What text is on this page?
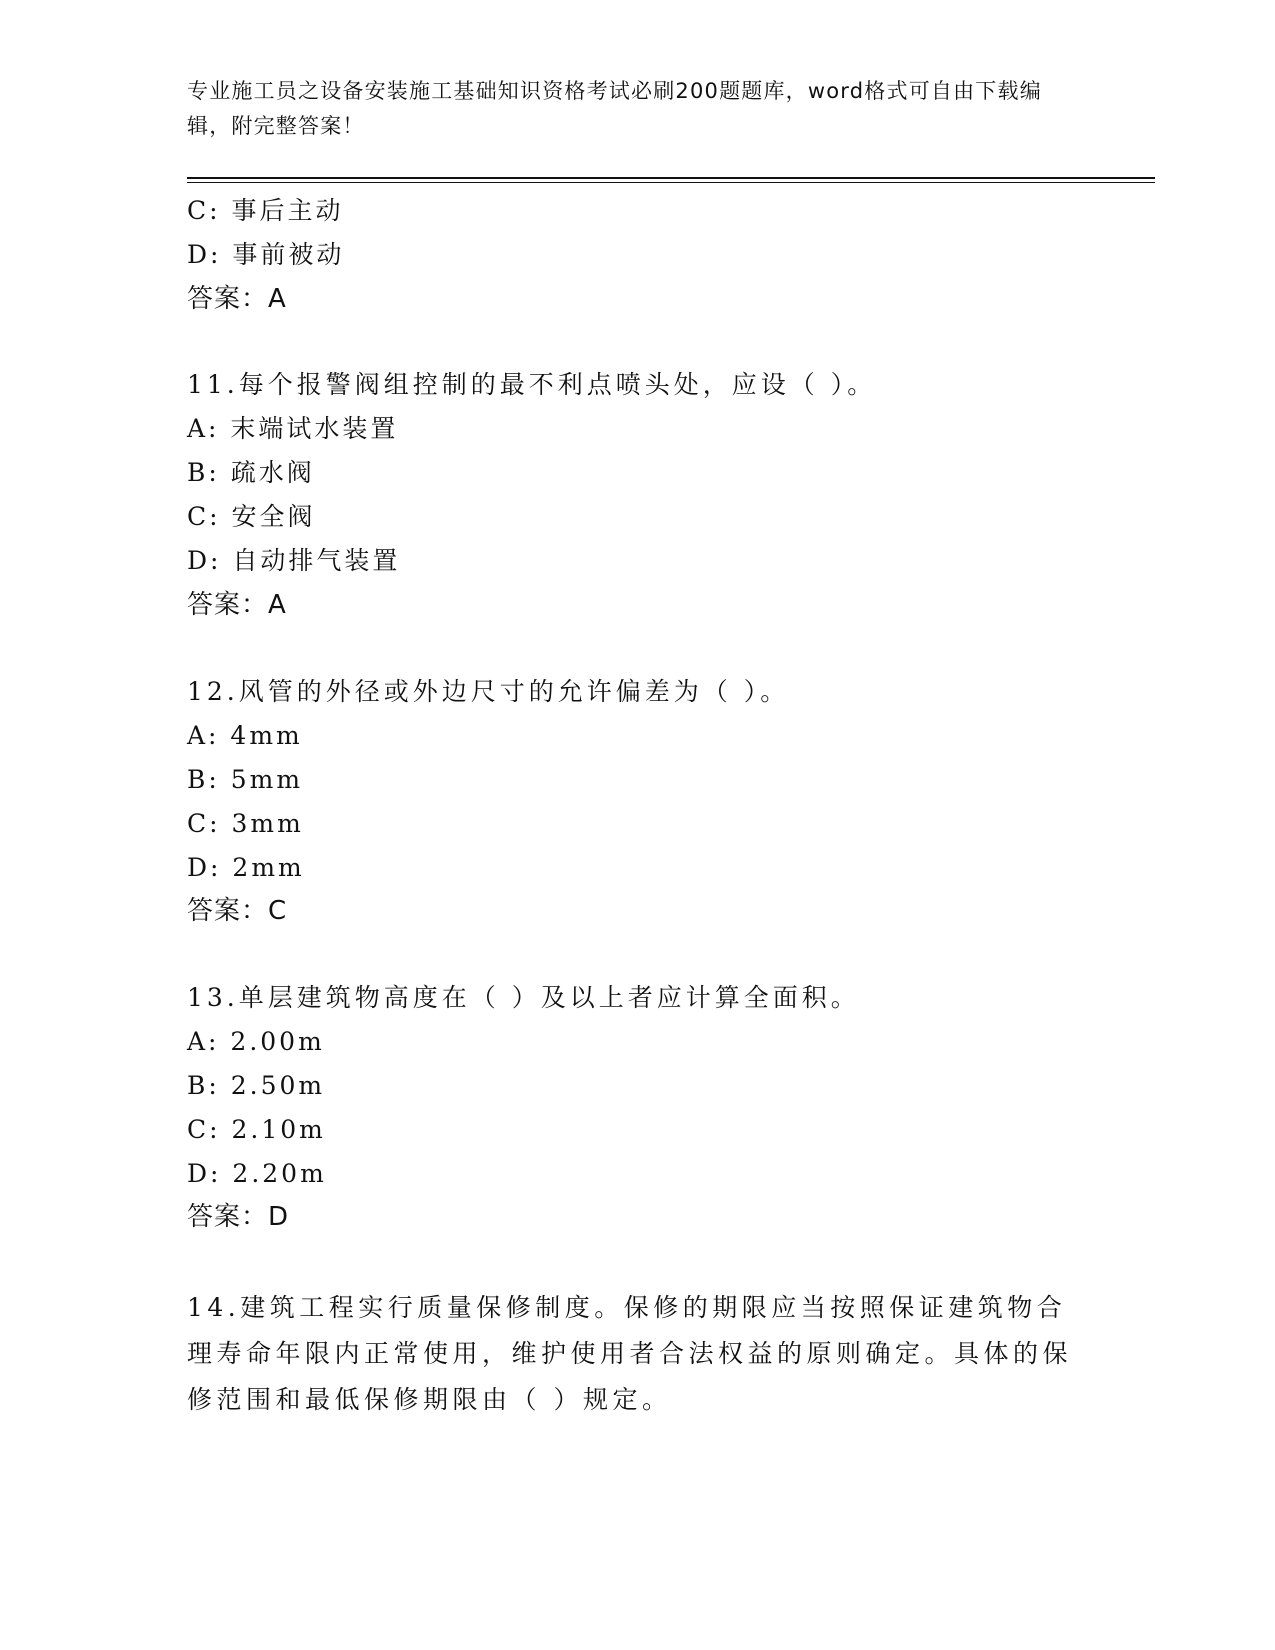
专业施工员之设备安装施工基础知识资格考试必刷200题题库，word格式可自由下载编辑，附完整答案！
C: 事后主动
D: 事前被动
答案：A
11.每个报警阀组控制的最不利点喷头处，应设（ ）。
A: 末端试水装置
B: 疏水阀
C: 安全阀
D: 自动排气装置
答案：A
12.风管的外径或外边尺寸的允许偏差为（ ）。
A: 4mm
B: 5mm
C: 3mm
D: 2mm
答案：C
13.单层建筑物高度在（ ）及以上者应计算全面积。
A: 2.00m
B: 2.50m
C: 2.10m
D: 2.20m
答案：D
14.建筑工程实行质量保修制度。保修的期限应当按照保证建筑物合理寿命年限内正常使用，维护使用者合法权益的原则确定。具体的保修范围和最低保修期限由（ ）规定。
